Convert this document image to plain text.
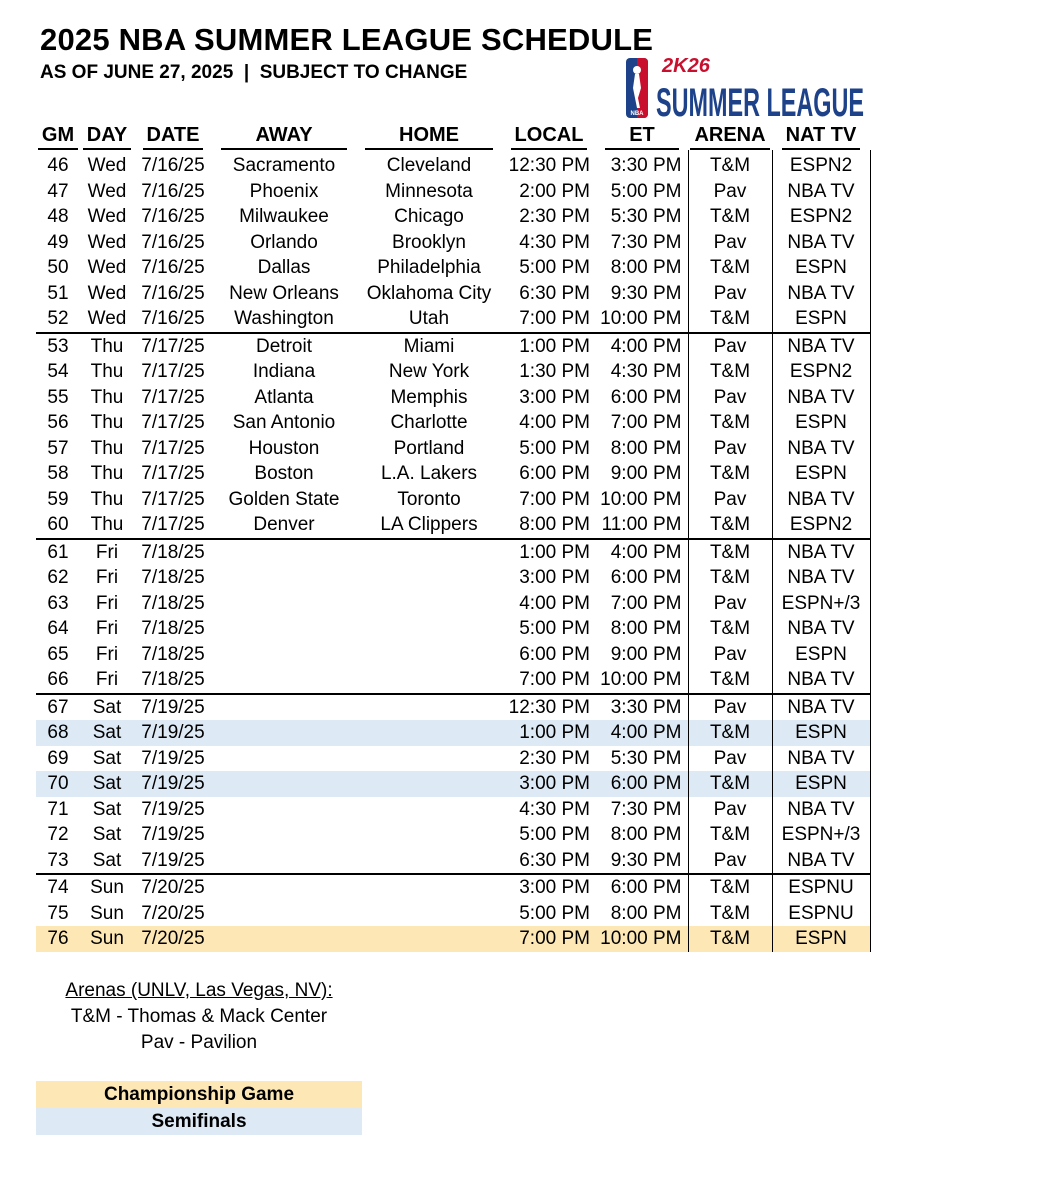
2025 NBA SUMMER LEAGUE SCHEDULE
AS OF JUNE 27, 2025  |  SUBJECT TO CHANGE
NBA
2K26
SUMMER LEAGUE
GM	DAY	DATE	AWAY	HOME	LOCAL	ET	ARENA	NAT TV
46	Wed	7/16/25	Sacramento	Cleveland	12:30 PM	3:30 PM	T&M	ESPN2
47	Wed	7/16/25	Phoenix	Minnesota	2:00 PM	5:00 PM	Pav	NBA TV
48	Wed	7/16/25	Milwaukee	Chicago	2:30 PM	5:30 PM	T&M	ESPN2
49	Wed	7/16/25	Orlando	Brooklyn	4:30 PM	7:30 PM	Pav	NBA TV
50	Wed	7/16/25	Dallas	Philadelphia	5:00 PM	8:00 PM	T&M	ESPN
51	Wed	7/16/25	New Orleans	Oklahoma City	6:30 PM	9:30 PM	Pav	NBA TV
52	Wed	7/16/25	Washington	Utah	7:00 PM	10:00 PM	T&M	ESPN
53	Thu	7/17/25	Detroit	Miami	1:00 PM	4:00 PM	Pav	NBA TV
54	Thu	7/17/25	Indiana	New York	1:30 PM	4:30 PM	T&M	ESPN2
55	Thu	7/17/25	Atlanta	Memphis	3:00 PM	6:00 PM	Pav	NBA TV
56	Thu	7/17/25	San Antonio	Charlotte	4:00 PM	7:00 PM	T&M	ESPN
57	Thu	7/17/25	Houston	Portland	5:00 PM	8:00 PM	Pav	NBA TV
58	Thu	7/17/25	Boston	L.A. Lakers	6:00 PM	9:00 PM	T&M	ESPN
59	Thu	7/17/25	Golden State	Toronto	7:00 PM	10:00 PM	Pav	NBA TV
60	Thu	7/17/25	Denver	LA Clippers	8:00 PM	11:00 PM	T&M	ESPN2
61	Fri	7/18/25			1:00 PM	4:00 PM	T&M	NBA TV
62	Fri	7/18/25			3:00 PM	6:00 PM	T&M	NBA TV
63	Fri	7/18/25			4:00 PM	7:00 PM	Pav	ESPN+/3
64	Fri	7/18/25			5:00 PM	8:00 PM	T&M	NBA TV
65	Fri	7/18/25			6:00 PM	9:00 PM	Pav	ESPN
66	Fri	7/18/25			7:00 PM	10:00 PM	T&M	NBA TV
67	Sat	7/19/25			12:30 PM	3:30 PM	Pav	NBA TV
68	Sat	7/19/25			1:00 PM	4:00 PM	T&M	ESPN
69	Sat	7/19/25			2:30 PM	5:30 PM	Pav	NBA TV
70	Sat	7/19/25			3:00 PM	6:00 PM	T&M	ESPN
71	Sat	7/19/25			4:30 PM	7:30 PM	Pav	NBA TV
72	Sat	7/19/25			5:00 PM	8:00 PM	T&M	ESPN+/3
73	Sat	7/19/25			6:30 PM	9:30 PM	Pav	NBA TV
74	Sun	7/20/25			3:00 PM	6:00 PM	T&M	ESPNU
75	Sun	7/20/25			5:00 PM	8:00 PM	T&M	ESPNU
76	Sun	7/20/25			7:00 PM	10:00 PM	T&M	ESPN
Arenas (UNLV, Las Vegas, NV):
T&M - Thomas & Mack Center
Pav - Pavilion
Championship Game
Semifinals
